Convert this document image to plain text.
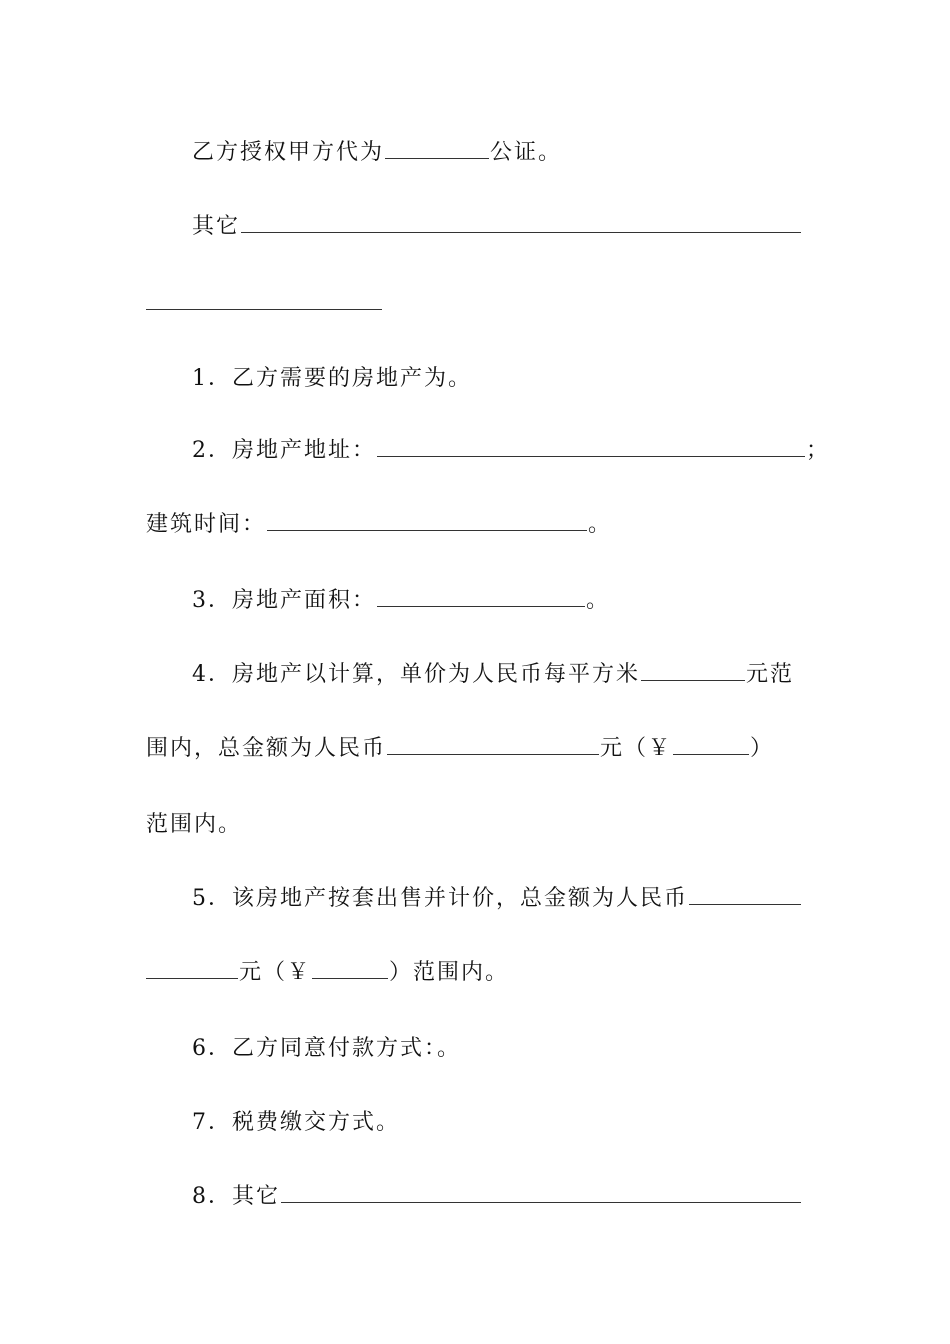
乙方授权甲方代为	公证。
其它
1．乙方需要的房地产为。
2．房地产地址：	；
建筑时间：	。
3．房地产面积：	。
4．房地产以计算，单价为人民币每平方米	元范
围内，总金额为人民币	元（￥	）
范围内。
5．该房地产按套出售并计价，总金额为人民币
元（￥	）范围内。
6．乙方同意付款方式：。
7．税费缴交方式。
8．其它
